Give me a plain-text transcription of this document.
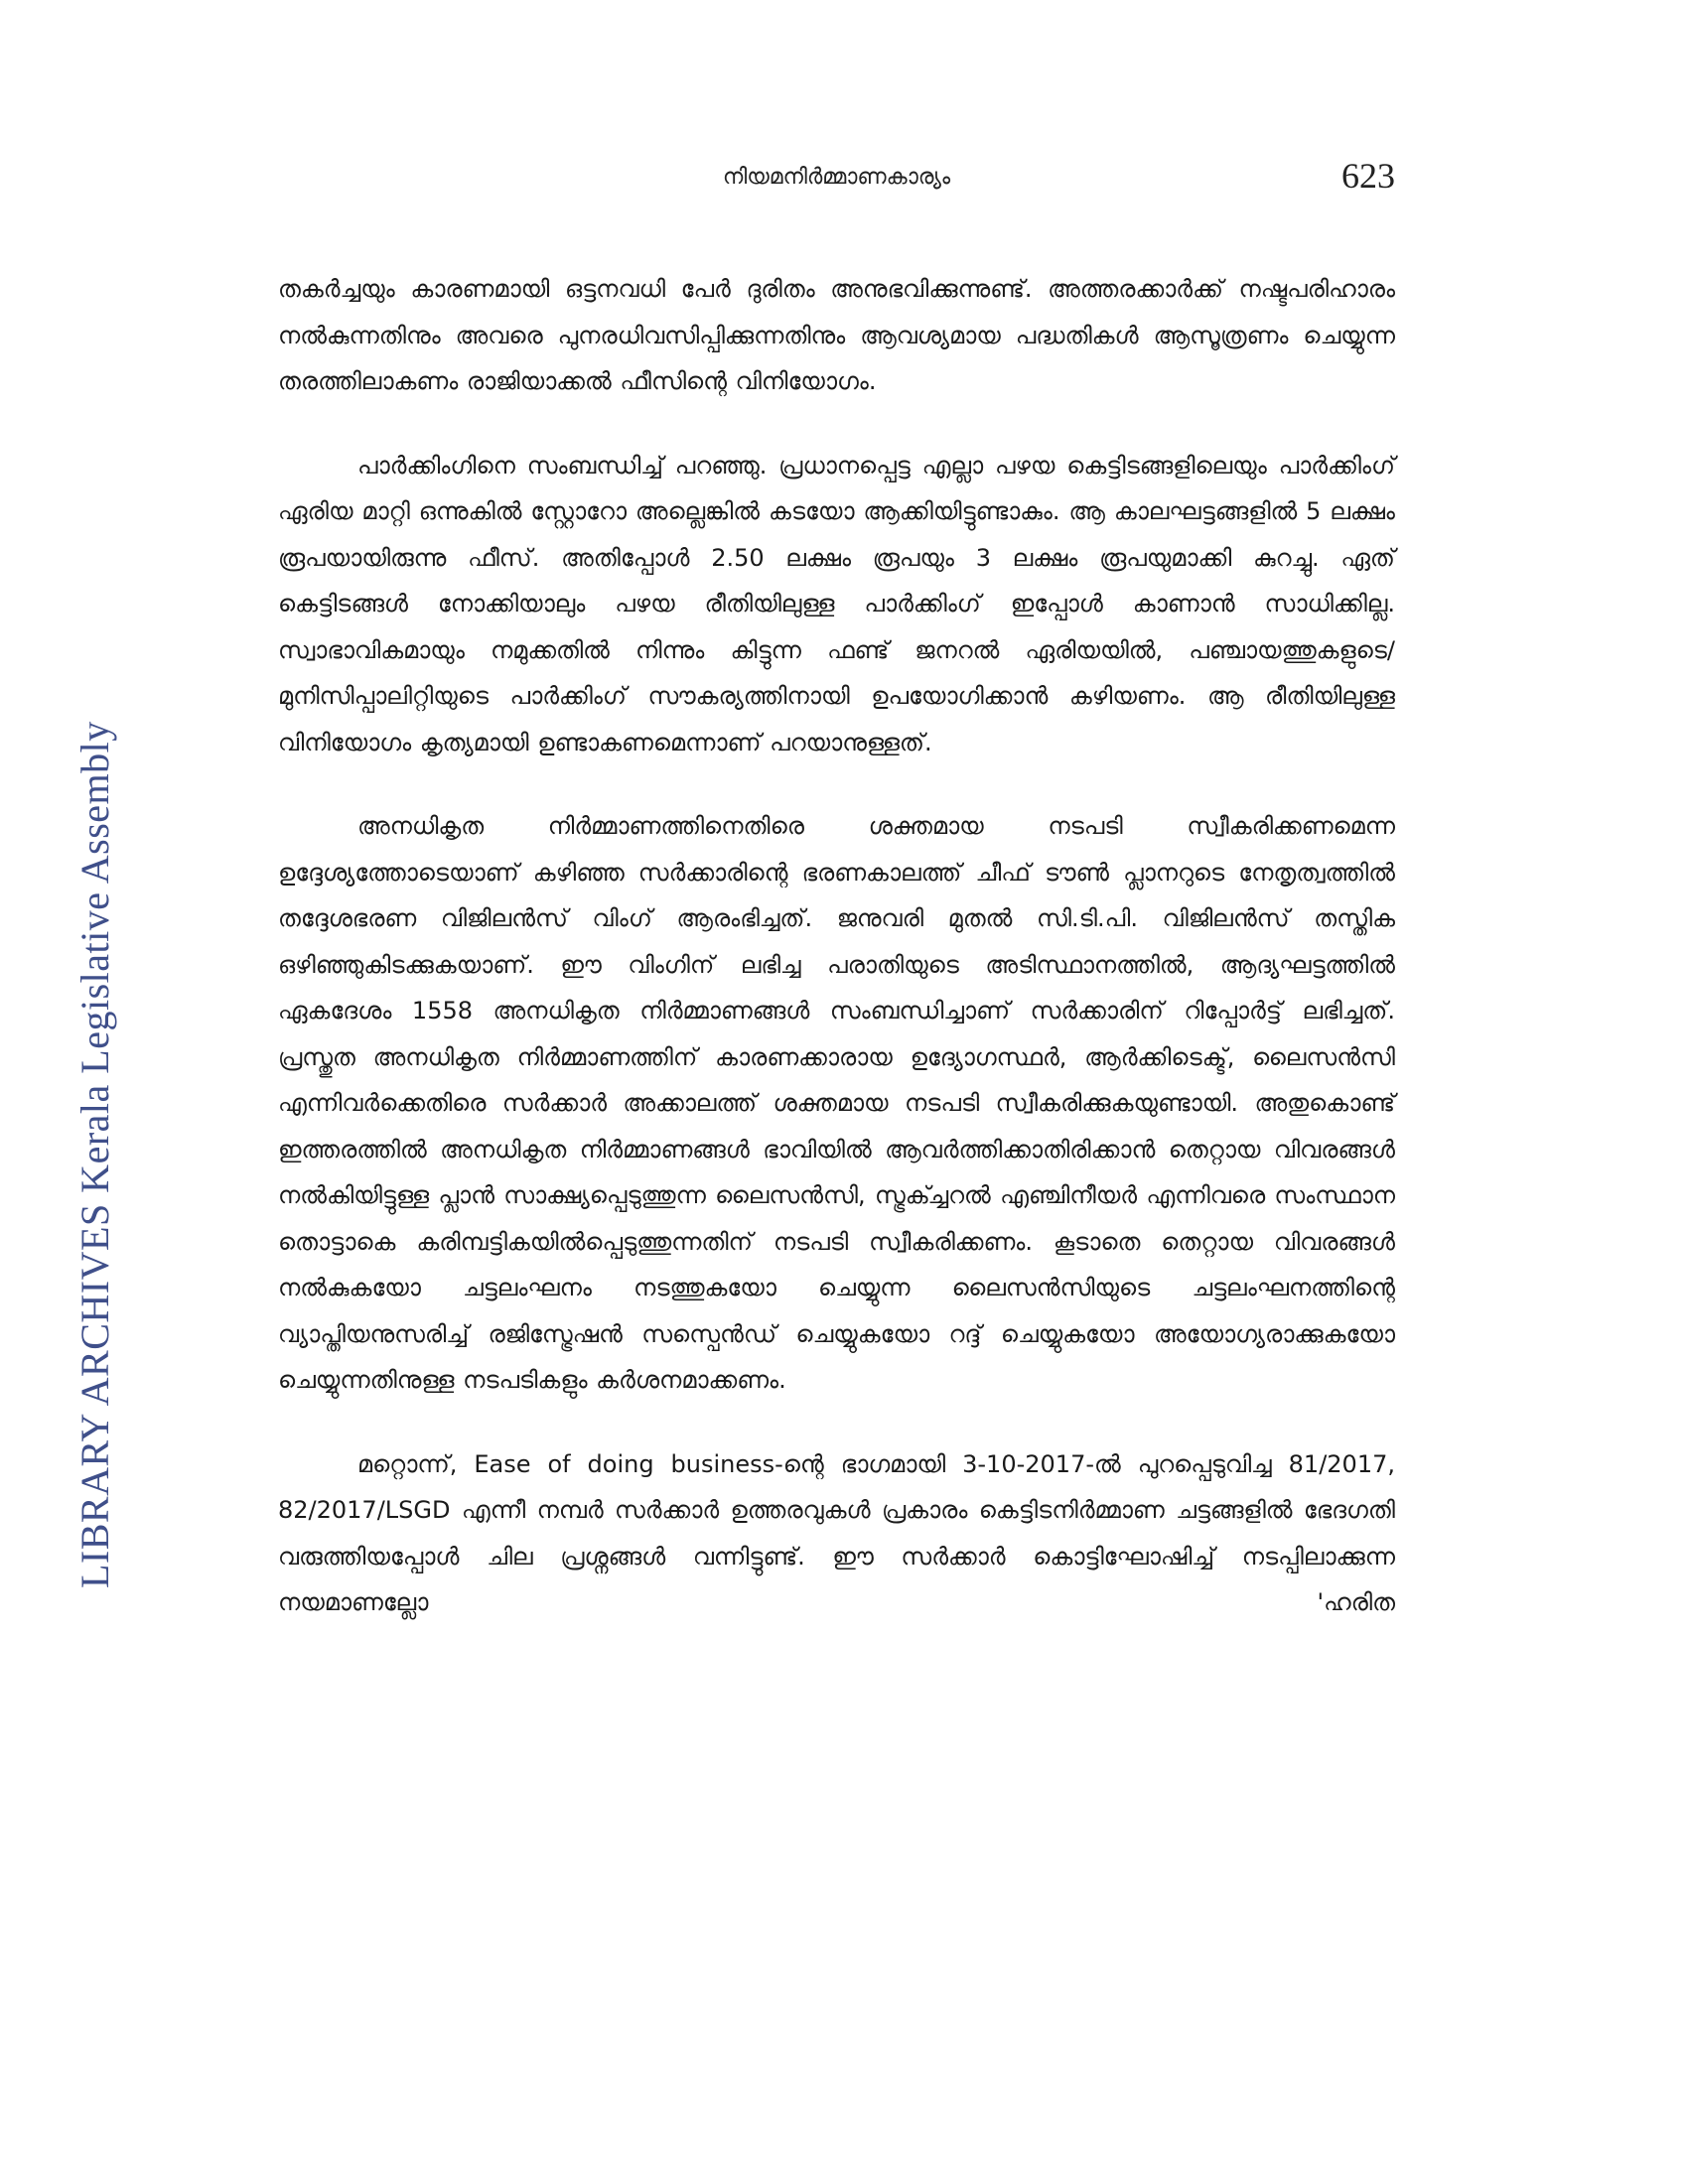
നിയമനിർമ്മാണകാര്യം	623
LIBRARY ARCHIVES Kerala Legislative Assembly

തകർച്ചയും കാരണമായി ഒട്ടനവധി പേർ ദുരിതം അനുഭവിക്കുന്നുണ്ട്. അത്തരക്കാർക്ക് നഷ്ടപരിഹാരം നൽകുന്നതിനും അവരെ പുനരധിവസിപ്പിക്കുന്നതിനും ആവശ്യമായ പദ്ധതികൾ ആസൂത്രണം ചെയ്യുന്ന തരത്തിലാകണം രാജിയാക്കൽ ഫീസിന്റെ വിനിയോഗം.

പാർക്കിംഗിനെ സംബന്ധിച്ച് പറഞ്ഞു. പ്രധാനപ്പെട്ട എല്ലാ പഴയ കെട്ടിടങ്ങളിലെയും പാർക്കിംഗ് ഏരിയ മാറ്റി ഒന്നുകിൽ സ്റ്റോറോ അല്ലെങ്കിൽ കടയോ ആക്കിയിട്ടുണ്ടാകും. ആ കാലഘട്ടങ്ങളിൽ 5 ലക്ഷം രൂപയായിരുന്നു ഫീസ്. അതിപ്പോൾ 2.50 ലക്ഷം രൂപയും 3 ലക്ഷം രൂപയുമാക്കി കുറച്ചു. ഏത് കെട്ടിടങ്ങൾ നോക്കിയാലും പഴയ രീതിയിലുള്ള പാർക്കിംഗ് ഇപ്പോൾ കാണാൻ സാധിക്കില്ല. സ്വാഭാവികമായും നമുക്കതിൽ നിന്നും കിട്ടുന്ന ഫണ്ട് ജനറൽ ഏരിയയിൽ, പഞ്ചായത്തുകളുടെ/മുനിസിപ്പാലിറ്റിയുടെ പാർക്കിംഗ് സൗകര്യത്തിനായി ഉപയോഗിക്കാൻ കഴിയണം. ആ രീതിയിലുള്ള വിനിയോഗം കൃത്യമായി ഉണ്ടാകണമെന്നാണ് പറയാനുള്ളത്.

അനധികൃത നിർമ്മാണത്തിനെതിരെ ശക്തമായ നടപടി സ്വീകരിക്കണമെന്ന ഉദ്ദേശ്യത്തോടെയാണ് കഴിഞ്ഞ സർക്കാരിന്റെ ഭരണകാലത്ത് ചീഫ് ടൗൺ പ്ലാനറുടെ നേതൃത്വത്തിൽ തദ്ദേശഭരണ വിജിലൻസ് വിംഗ് ആരംഭിച്ചത്. ജനുവരി മുതൽ സി.ടി.പി. വിജിലൻസ് തസ്തിക ഒഴിഞ്ഞുകിടക്കുകയാണ്. ഈ വിംഗിന് ലഭിച്ച പരാതിയുടെ അടിസ്ഥാനത്തിൽ, ആദ്യഘട്ടത്തിൽ ഏകദേശം 1558 അനധികൃത നിർമ്മാണങ്ങൾ സംബന്ധിച്ചാണ് സർക്കാരിന് റിപ്പോർട്ട് ലഭിച്ചത്. പ്രസ്തുത അനധികൃത നിർമ്മാണത്തിന് കാരണക്കാരായ ഉദ്യോഗസ്ഥർ, ആർക്കിടെക്ട്, ലൈസൻസി എന്നിവർക്കെതിരെ സർക്കാർ അക്കാലത്ത് ശക്തമായ നടപടി സ്വീകരിക്കുകയുണ്ടായി. അതുകൊണ്ട് ഇത്തരത്തിൽ അനധികൃത നിർമ്മാണങ്ങൾ ഭാവിയിൽ ആവർത്തിക്കാതിരിക്കാൻ തെറ്റായ വിവരങ്ങൾ നൽകിയിട്ടുള്ള പ്ലാൻ സാക്ഷ്യപ്പെടുത്തുന്ന ലൈസൻസി, സ്ട്രക്ച്ചറൽ എഞ്ചിനീയർ എന്നിവരെ സംസ്ഥാന തൊട്ടാകെ കരിമ്പട്ടികയിൽപ്പെടുത്തുന്നതിന് നടപടി സ്വീകരിക്കണം. കൂടാതെ തെറ്റായ വിവരങ്ങൾ നൽകുകയോ ചട്ടലംഘനം നടത്തുകയോ ചെയ്യുന്ന ലൈസൻസിയുടെ ചട്ടലംഘനത്തിന്റെ വ്യാപ്തിയനുസരിച്ച് രജിസ്ട്രേഷൻ സസ്പെൻഡ് ചെയ്യുകയോ റദ്ദ് ചെയ്യുകയോ അയോഗ്യരാക്കുകയോ ചെയ്യുന്നതിനുള്ള നടപടികളും കർശനമാക്കണം.

മറ്റൊന്ന്, Ease of doing business-ന്റെ ഭാഗമായി 3-10-2017-ൽ പുറപ്പെടുവിച്ച 81/2017, 82/2017/LSGD എന്നീ നമ്പർ സർക്കാർ ഉത്തരവുകൾ പ്രകാരം കെട്ടിടനിർമ്മാണ ചട്ടങ്ങളിൽ ഭേദഗതി വരുത്തിയപ്പോൾ ചില പ്രശ്നങ്ങൾ വന്നിട്ടുണ്ട്. ഈ സർക്കാർ കൊട്ടിഘോഷിച്ച് നടപ്പിലാക്കുന്ന നയമാണല്ലോ 'ഹരിത
